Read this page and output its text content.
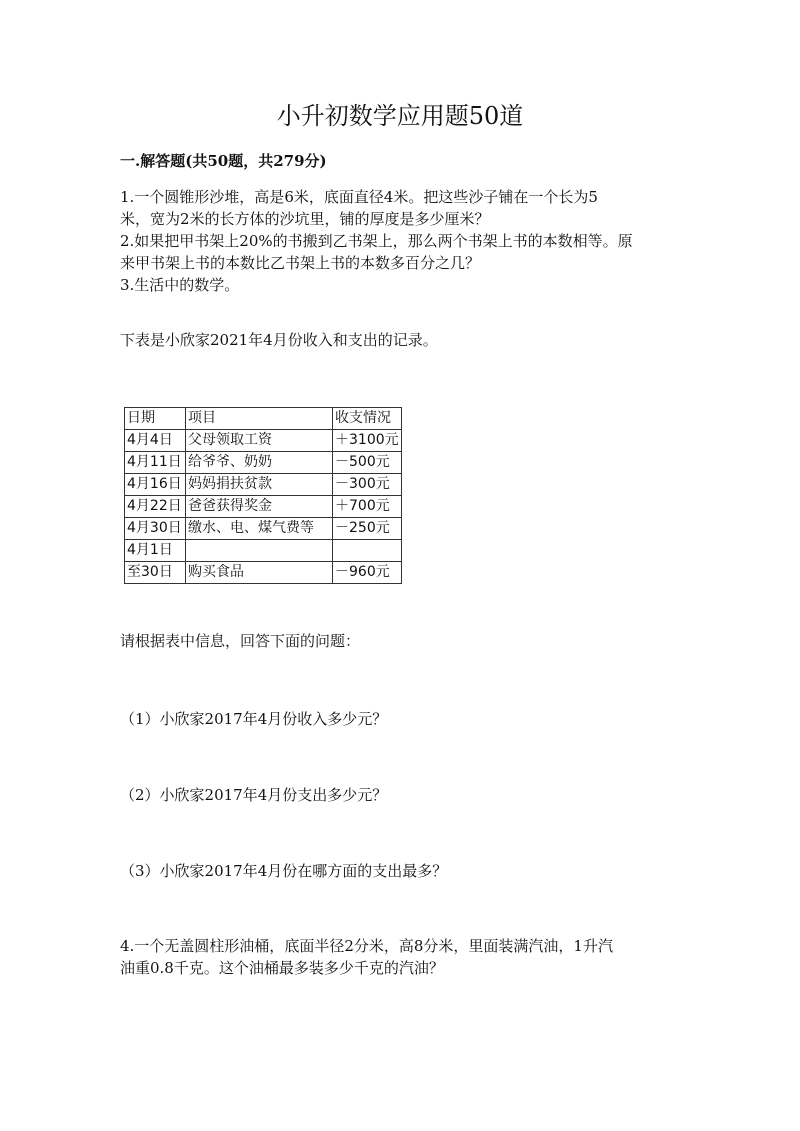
小升初数学应用题50道
一.解答题(共50题，共279分)
1.一个圆锥形沙堆，高是6米，底面直径4米。把这些沙子铺在一个长为5
米，宽为2米的长方体的沙坑里，铺的厚度是多少厘米？
2.如果把甲书架上20%的书搬到乙书架上，那么两个书架上书的本数相等。原
来甲书架上书的本数比乙书架上书的本数多百分之几？
3.生活中的数学。
下表是小欣家2021年4月份收入和支出的记录。
日期	项目	收支情况
4月4日	父母领取工资	＋3100元
4月11日	给爷爷、奶奶	－500元
4月16日	妈妈捐扶贫款	－300元
4月22日	爸爸获得奖金	＋700元
4月30日	缴水、电、煤气费等	－250元
4月1日		
至30日	购买食品	－960元
请根据表中信息，回答下面的问题：
（1）小欣家2017年4月份收入多少元？
（2）小欣家2017年4月份支出多少元？
（3）小欣家2017年4月份在哪方面的支出最多？
4.一个无盖圆柱形油桶，底面半径2分米，高8分米，里面装满汽油，1升汽
油重0.8千克。这个油桶最多装多少千克的汽油？
